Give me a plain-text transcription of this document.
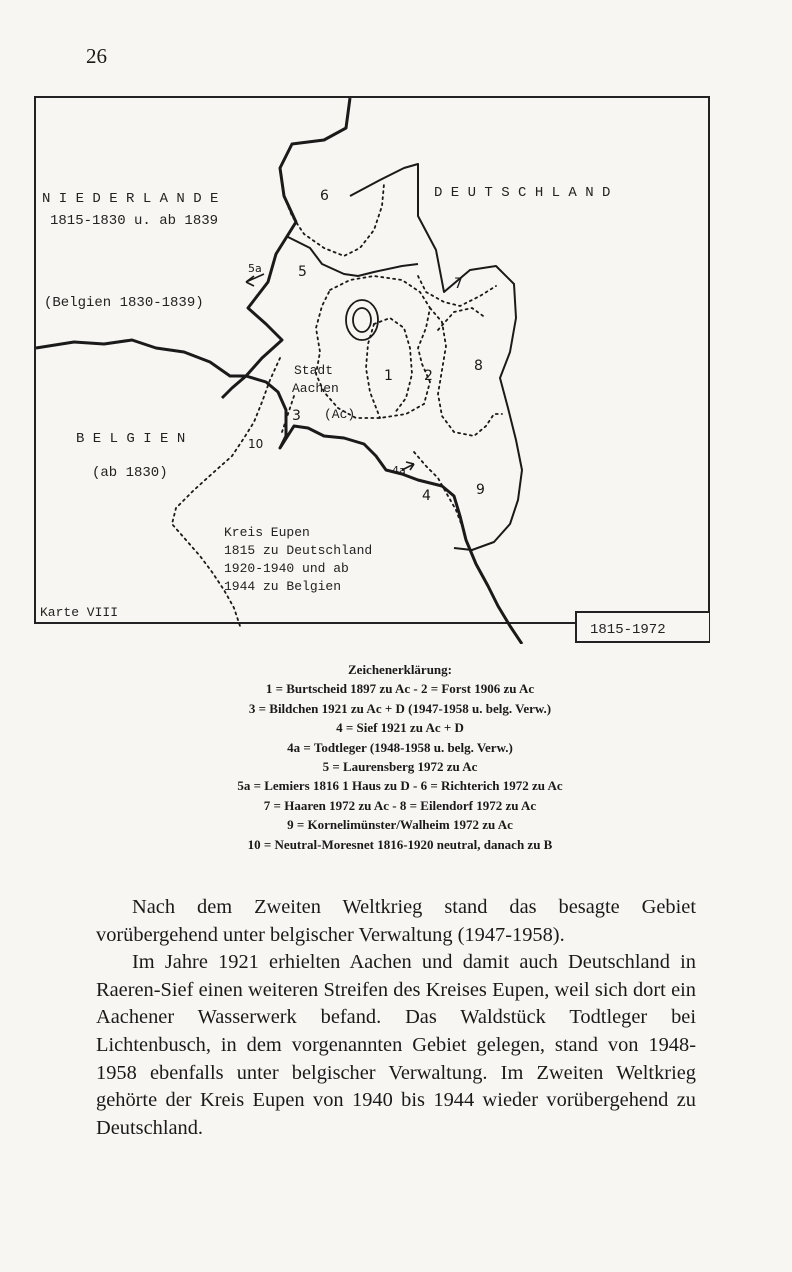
26
N I E D E R L A N D E
1815-1830 u. ab 1839
(Belgien 1830-1839)
D E U T S C H L A N D
B E L G I E N
(ab 1830)
Stadt
Aachen
(Ac)
Kreis Eupen
1815 zu Deutschland
1920-1940 und ab
1944 zu Belgien
1 2
3
4
4a
5
5a
6
7
8
9
10
Karte VIII
1815-1972
Zeichenerklärung:
1 = Burtscheid 1897 zu Ac - 2 = Forst 1906 zu Ac
3 = Bildchen 1921 zu Ac + D (1947-1958 u. belg. Verw.)
4 = Sief 1921 zu Ac + D
4a = Todtleger (1948-1958 u. belg. Verw.)
5 = Laurensberg 1972 zu Ac
5a = Lemiers 1816 1 Haus zu D - 6 = Richterich 1972 zu Ac
7 = Haaren 1972 zu Ac - 8 = Eilendorf 1972 zu Ac
9 = Kornelimünster/Walheim 1972 zu Ac
10 = Neutral-Moresnet 1816-1920 neutral, danach zu B

Nach dem Zweiten Weltkrieg stand das besagte Gebiet vorübergehend unter belgischer Verwaltung (1947-1958).

Im Jahre 1921 erhielten Aachen und damit auch Deutschland in Raeren-Sief einen weiteren Streifen des Kreises Eupen, weil sich dort ein Aachener Wasserwerk befand. Das Waldstück Todtleger bei Lichtenbusch, in dem vorgenannten Gebiet gelegen, stand von 1948-1958 ebenfalls unter belgischer Verwaltung. Im Zweiten Weltkrieg gehörte der Kreis Eupen von 1940 bis 1944 wieder vorübergehend zu Deutschland.
